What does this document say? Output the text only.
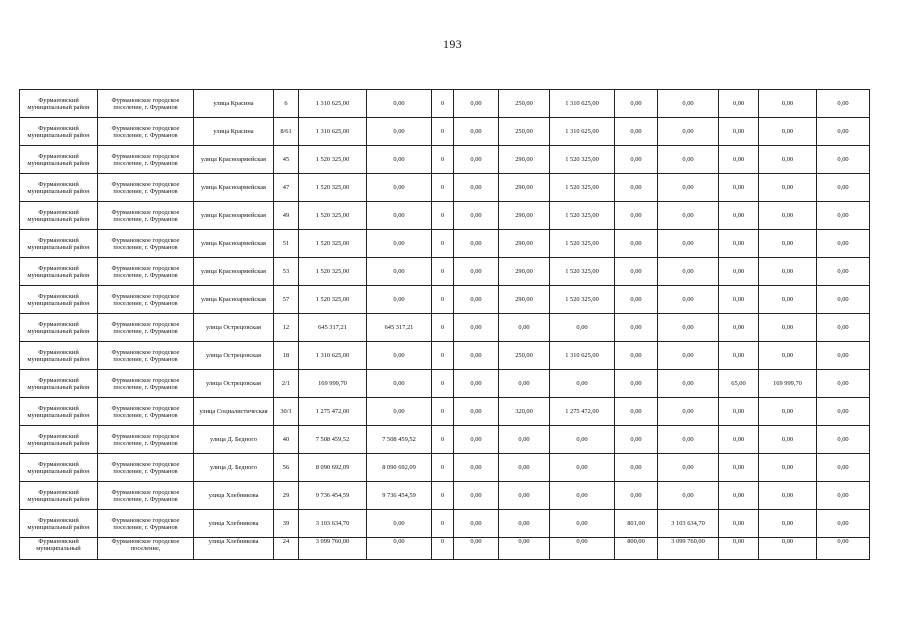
193
Фурмановский муниципальный район	Фурмановское городское поселение, г. Фурманов	улица Красина	6	1 310 625,00	0,00	0	0,00	250,00	1 310 625,00	0,00	0,00	0,00	0,00	0,00
Фурмановский муниципальный район	Фурмановское городское поселение, г. Фурманов	улица Красина	8/61	1 310 625,00	0,00	0	0,00	250,00	1 310 625,00	0,00	0,00	0,00	0,00	0,00
Фурмановский муниципальный район	Фурмановское городское поселение, г. Фурманов	улица Красноармейская	45	1 520 325,00	0,00	0	0,00	290,00	1 520 325,00	0,00	0,00	0,00	0,00	0,00
Фурмановский муниципальный район	Фурмановское городское поселение, г. Фурманов	улица Красноармейская	47	1 520 325,00	0,00	0	0,00	290,00	1 520 325,00	0,00	0,00	0,00	0,00	0,00
Фурмановский муниципальный район	Фурмановское городское поселение, г. Фурманов	улица Красноармейская	49	1 520 325,00	0,00	0	0,00	290,00	1 520 325,00	0,00	0,00	0,00	0,00	0,00
Фурмановский муниципальный район	Фурмановское городское поселение, г. Фурманов	улица Красноармейская	51	1 520 325,00	0,00	0	0,00	290,00	1 520 325,00	0,00	0,00	0,00	0,00	0,00
Фурмановский муниципальный район	Фурмановское городское поселение, г. Фурманов	улица Красноармейская	53	1 520 325,00	0,00	0	0,00	290,00	1 520 325,00	0,00	0,00	0,00	0,00	0,00
Фурмановский муниципальный район	Фурмановское городское поселение, г. Фурманов	улица Красноармейская	57	1 520 325,00	0,00	0	0,00	290,00	1 520 325,00	0,00	0,00	0,00	0,00	0,00
Фурмановский муниципальный район	Фурмановское городское поселение, г. Фурманов	улица Острецовская	12	645 317,21	645 317,21	0	0,00	0,00	0,00	0,00	0,00	0,00	0,00	0,00
Фурмановский муниципальный район	Фурмановское городское поселение, г. Фурманов	улица Острецовская	18	1 310 625,00	0,00	0	0,00	250,00	1 310 625,00	0,00	0,00	0,00	0,00	0,00
Фурмановский муниципальный район	Фурмановское городское поселение, г. Фурманов	улица Острецовская	2/1	169 999,70	0,00	0	0,00	0,00	0,00	0,00	0,00	65,00	169 999,70	0,00
Фурмановский муниципальный район	Фурмановское городское поселение, г. Фурманов	улица Социалистическая	30/1	1 275 472,00	0,00	0	0,00	320,00	1 275 472,00	0,00	0,00	0,00	0,00	0,00
Фурмановский муниципальный район	Фурмановское городское поселение, г. Фурманов	улица Д. Бедного	40	7 508 459,52	7 508 459,52	0	0,00	0,00	0,00	0,00	0,00	0,00	0,00	0,00
Фурмановский муниципальный район	Фурмановское городское поселение, г. Фурманов	улица Д. Бедного	56	8 090 692,09	8 090 692,09	0	0,00	0,00	0,00	0,00	0,00	0,00	0,00	0,00
Фурмановский муниципальный район	Фурмановское городское поселение, г. Фурманов	улица Хлебникова	29	9 736 454,59	9 736 454,59	0	0,00	0,00	0,00	0,00	0,00	0,00	0,00	0,00
Фурмановский муниципальный район	Фурмановское городское поселение, г. Фурманов	улица Хлебникова	39	3 103 634,70	0,00	0	0,00	0,00	0,00	801,00	3 103 634,70	0,00	0,00	0,00
Фурмановский муниципальный	Фурмановское городское поселение,	улица Хлебникова	24	3 099 760,00	0,00	0	0,00	0,00	0,00	800,00	3 099 760,00	0,00	0,00	0,00
